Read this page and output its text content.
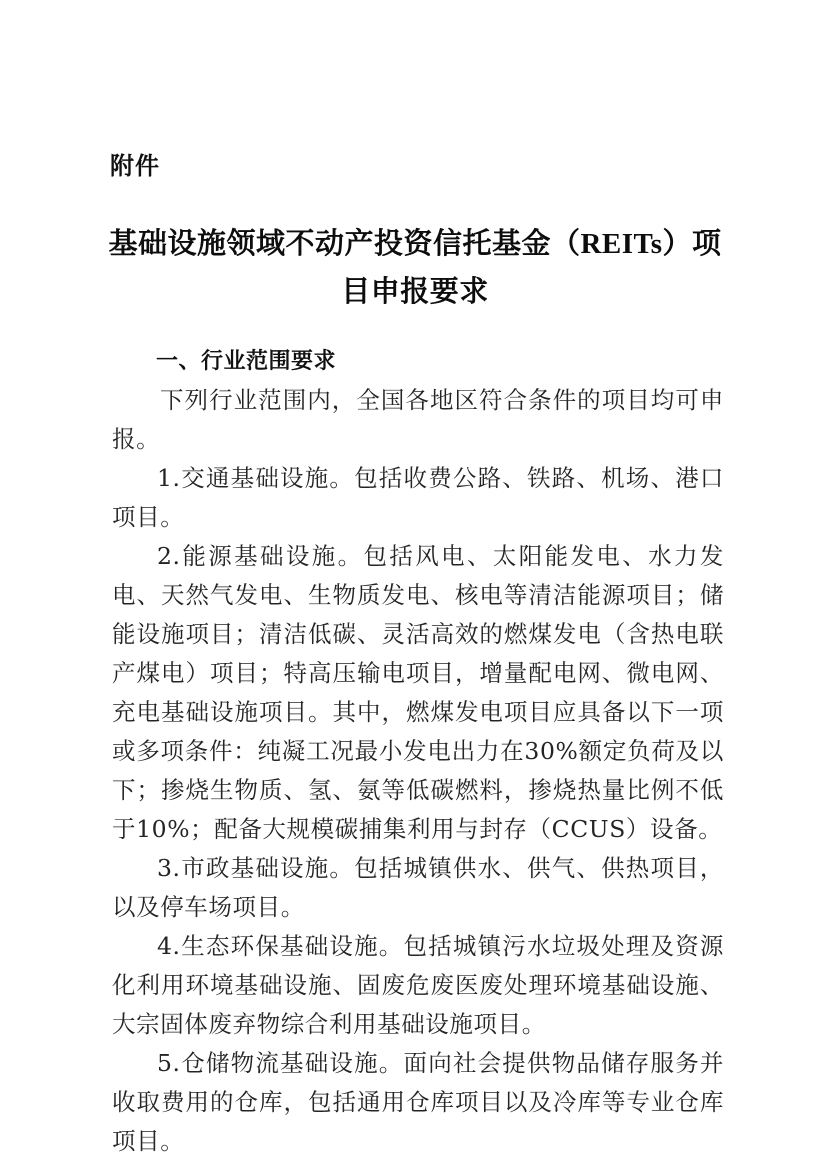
附件
基础设施领域不动产投资信托基金（REITs）项目申报要求
一、行业范围要求

下列行业范围内，全国各地区符合条件的项目均可申报。

1.交通基础设施。包括收费公路、铁路、机场、港口项目。

2.能源基础设施。包括风电、太阳能发电、水力发电、天然气发电、生物质发电、核电等清洁能源项目；储能设施项目；清洁低碳、灵活高效的燃煤发电（含热电联产煤电）项目；特高压输电项目，增量配电网、微电网、充电基础设施项目。其中，燃煤发电项目应具备以下一项或多项条件：纯凝工况最小发电出力在30%额定负荷及以下；掺烧生物质、氢、氨等低碳燃料，掺烧热量比例不低于10%；配备大规模碳捕集利用与封存（CCUS）设备。

3.市政基础设施。包括城镇供水、供气、供热项目，以及停车场项目。

4.生态环保基础设施。包括城镇污水垃圾处理及资源化利用环境基础设施、固废危废医废处理环境基础设施、大宗固体废弃物综合利用基础设施项目。

5.仓储物流基础设施。面向社会提供物品储存服务并收取费用的仓库，包括通用仓库项目以及冷库等专业仓库项目。
